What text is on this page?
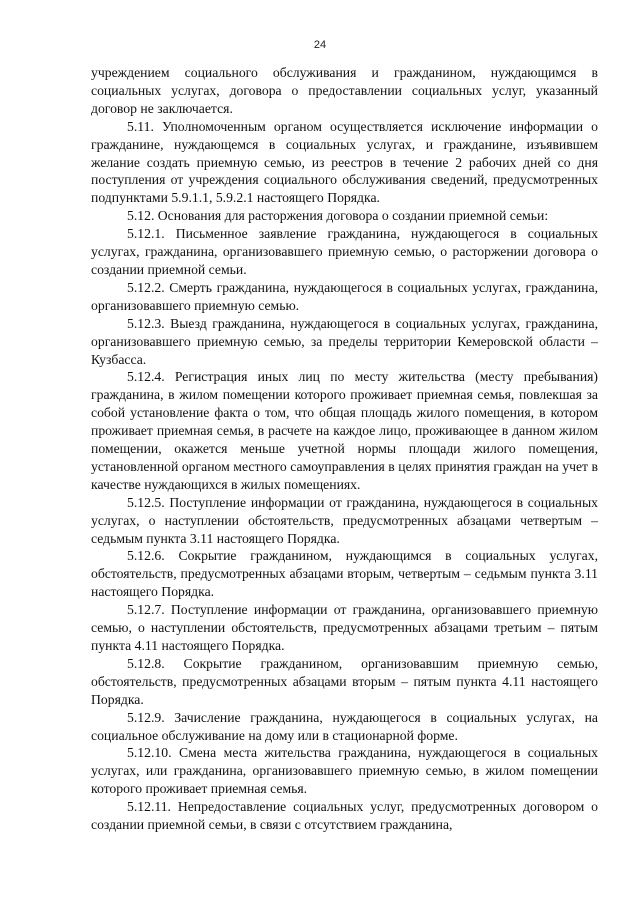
24

учреждением социального обслуживания и гражданином, нуждающимся в социальных услугах, договора о предоставлении социальных услуг, указанный договор не заключается.

5.11. Уполномоченным органом осуществляется исключение информации о гражданине, нуждающемся в социальных услугах, и гражданине, изъявившем желание создать приемную семью, из реестров в течение 2 рабочих дней со дня поступления от учреждения социального обслуживания сведений, предусмотренных подпунктами 5.9.1.1, 5.9.2.1 настоящего Порядка.

5.12. Основания для расторжения договора о создании приемной семьи:

5.12.1. Письменное заявление гражданина, нуждающегося в социальных услугах, гражданина, организовавшего приемную семью, о расторжении договора о создании приемной семьи.

5.12.2. Смерть гражданина, нуждающегося в социальных услугах, гражданина, организовавшего приемную семью.

5.12.3. Выезд гражданина, нуждающегося в социальных услугах, гражданина, организовавшего приемную семью, за пределы территории Кемеровской области – Кузбасса.

5.12.4. Регистрация иных лиц по месту жительства (месту пребывания) гражданина, в жилом помещении которого проживает приемная семья, повлекшая за собой установление факта о том, что общая площадь жилого помещения, в котором проживает приемная семья, в расчете на каждое лицо, проживающее в данном жилом помещении, окажется меньше учетной нормы площади жилого помещения, установленной органом местного самоуправления в целях принятия граждан на учет в качестве нуждающихся в жилых помещениях.

5.12.5. Поступление информации от гражданина, нуждающегося в социальных услугах, о наступлении обстоятельств, предусмотренных абзацами четвертым – седьмым пункта 3.11 настоящего Порядка.

5.12.6. Сокрытие гражданином, нуждающимся в социальных услугах, обстоятельств, предусмотренных абзацами вторым, четвертым – седьмым пункта 3.11 настоящего Порядка.

5.12.7. Поступление информации от гражданина, организовавшего приемную семью, о наступлении обстоятельств, предусмотренных абзацами третьим – пятым пункта 4.11 настоящего Порядка.

5.12.8. Сокрытие гражданином, организовавшим приемную семью, обстоятельств, предусмотренных абзацами вторым – пятым пункта 4.11 настоящего Порядка.

5.12.9. Зачисление гражданина, нуждающегося в социальных услугах, на социальное обслуживание на дому или в стационарной форме.

5.12.10. Смена места жительства гражданина, нуждающегося в социальных услугах, или гражданина, организовавшего приемную семью, в жилом помещении которого проживает приемная семья.

5.12.11. Непредоставление социальных услуг, предусмотренных договором о создании приемной семьи, в связи с отсутствием гражданина,
